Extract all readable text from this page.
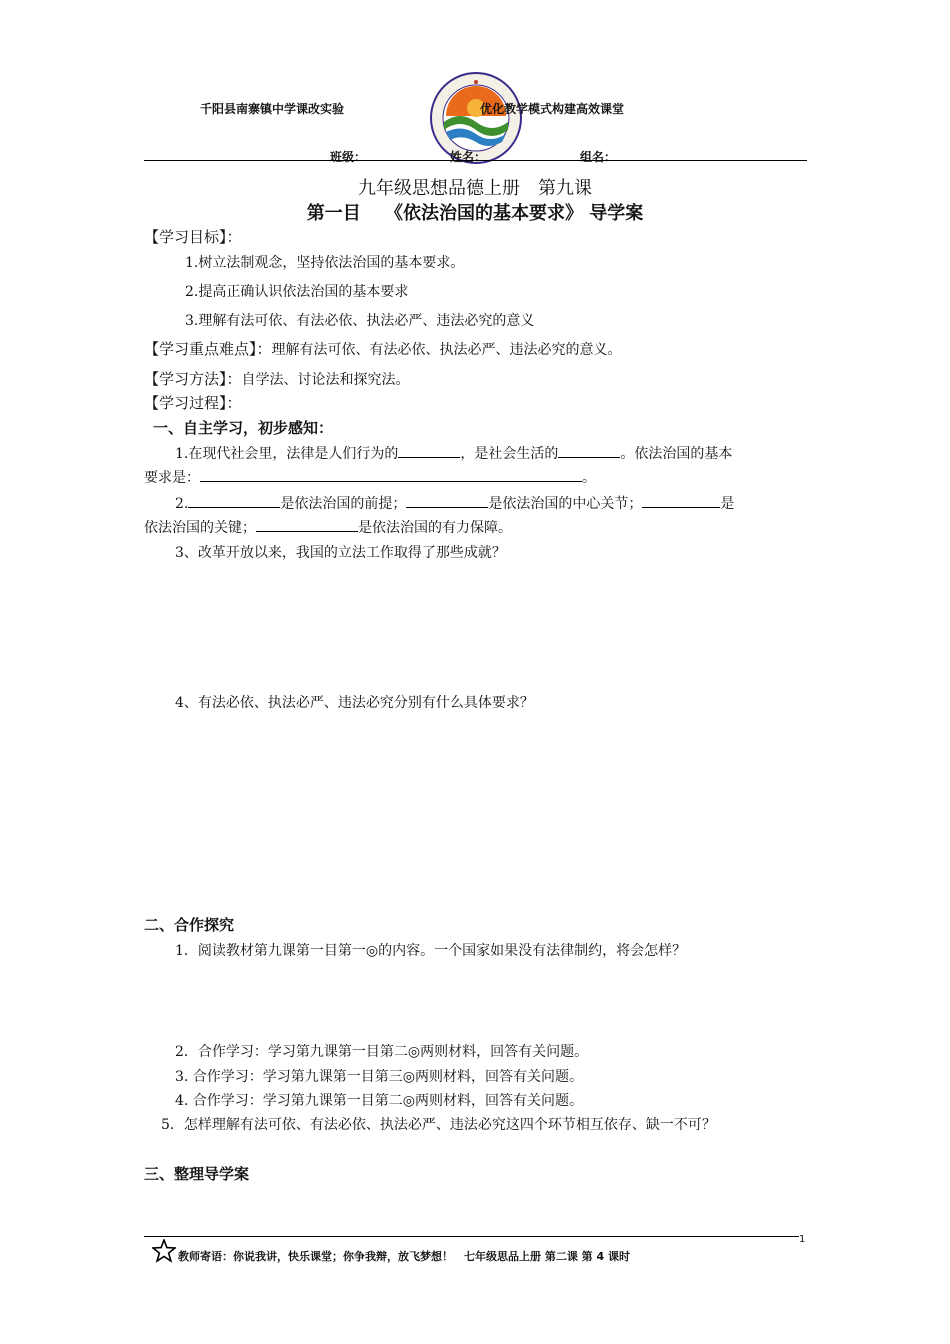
千阳县南寨镇中学课改实验	优化教学模式构建高效课堂
班级：	姓名：	组名：
九年级思想品德上册　第九课
第一目　 《依法治国的基本要求》 导学案
【学习目标】：
1.树立法制观念，坚持依法治国的基本要求。
2.提高正确认识依法治国的基本要求
3.理解有法可依、有法必依、执法必严、违法必究的意义
【学习重点难点】：理解有法可依、有法必依、执法必严、违法必究的意义。
【学习方法】：自学法、讨论法和探究法。
【学习过程】：
一、自主学习，初步感知：
1.在现代社会里，法律是人们行为的	，是社会生活的	。依法治国的基本
要求是：	。
2.	是依法治国的前提；	是依法治国的中心关节；	是
依法治国的关键；	是依法治国的有力保障。
3、改革开放以来，我国的立法工作取得了那些成就？
4、有法必依、执法必严、违法必究分别有什么具体要求？
二、合作探究
1．阅读教材第九课第一目第一◎的内容。一个国家如果没有法律制约，将会怎样？
2．合作学习：学习第九课第一目第二◎两则材料，回答有关问题。
3. 合作学习：学习第九课第一目第三◎两则材料，回答有关问题。
4. 合作学习：学习第九课第一目第二◎两则材料，回答有关问题。
5．怎样理解有法可依、有法必依、执法必严、违法必究这四个环节相互依存、缺一不可？
三、整理导学案
1
教师寄语：你说我讲，快乐课堂；你争我辩，放飞梦想！　七年级思品上册 第二课 第 4 课时
